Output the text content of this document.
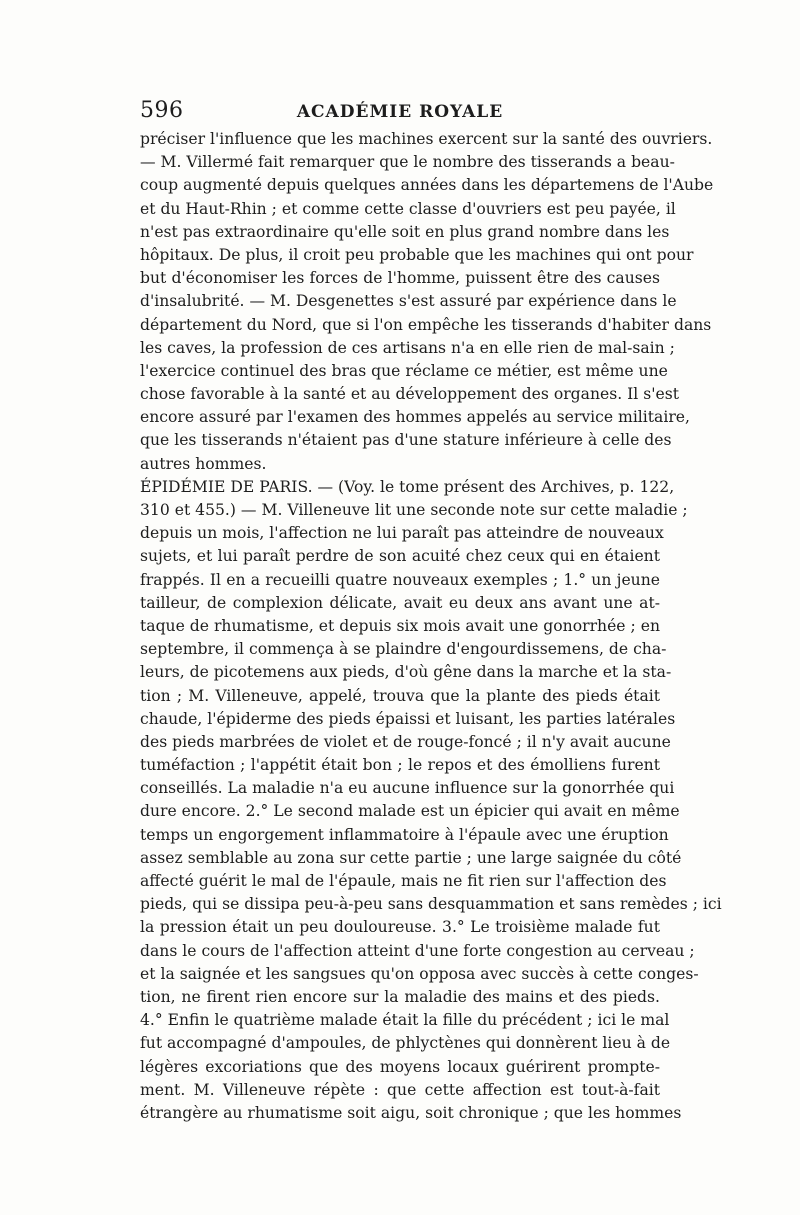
596	ACADÉMIE ROYALE
préciser l'influence que les machines exercent sur la santé des ouvriers.
— M. Villermé fait remarquer que le nombre des tisserands a beau-
coup augmenté depuis quelques années dans les départemens de l'Aube
et du Haut-Rhin ; et comme cette classe d'ouvriers est peu payée, il
n'est pas extraordinaire qu'elle soit en plus grand nombre dans les
hôpitaux. De plus, il croit peu probable que les machines qui ont pour
but d'économiser les forces de l'homme, puissent être des causes
d'insalubrité. — M. Desgenettes s'est assuré par expérience dans le
département du Nord, que si l'on empêche les tisserands d'habiter dans
les caves, la profession de ces artisans n'a en elle rien de mal-sain ;
l'exercice continuel des bras que réclame ce métier, est même une
chose favorable à la santé et au développement des organes. Il s'est
encore assuré par l'examen des hommes appelés au service militaire,
que les tisserands n'étaient pas d'une stature inférieure à celle des
autres hommes.
ÉPIDÉMIE DE PARIS. — (Voy. le tome présent des Archives, p. 122,
310 et 455.) — M. Villeneuve lit une seconde note sur cette maladie ;
depuis un mois, l'affection ne lui paraît pas atteindre de nouveaux
sujets, et lui paraît perdre de son acuité chez ceux qui en étaient
frappés. Il en a recueilli quatre nouveaux exemples ; 1.° un jeune
tailleur, de complexion délicate, avait eu deux ans avant une at-
taque de rhumatisme, et depuis six mois avait une gonorrhée ; en
septembre, il commença à se plaindre d'engourdissemens, de cha-
leurs, de picotemens aux pieds, d'où gêne dans la marche et la sta-
tion ; M. Villeneuve, appelé, trouva que la plante des pieds était
chaude, l'épiderme des pieds épaissi et luisant, les parties latérales
des pieds marbrées de violet et de rouge-foncé ; il n'y avait aucune
tuméfaction ; l'appétit était bon ; le repos et des émolliens furent
conseillés. La maladie n'a eu aucune influence sur la gonorrhée qui
dure encore. 2.° Le second malade est un épicier qui avait en même
temps un engorgement inflammatoire à l'épaule avec une éruption
assez semblable au zona sur cette partie ; une large saignée du côté
affecté guérit le mal de l'épaule, mais ne fit rien sur l'affection des
pieds, qui se dissipa peu-à-peu sans desquammation et sans remèdes ; ici
la pression était un peu douloureuse. 3.° Le troisième malade fut
dans le cours de l'affection atteint d'une forte congestion au cerveau ;
et la saignée et les sangsues qu'on opposa avec succès à cette conges-
tion, ne firent rien encore sur la maladie des mains et des pieds.
4.° Enfin le quatrième malade était la fille du précédent ; ici le mal
fut accompagné d'ampoules, de phlyctènes qui donnèrent lieu à de
légères excoriations que des moyens locaux guérirent prompte-
ment. M. Villeneuve répète : que cette affection est tout-à-fait
étrangère au rhumatisme soit aigu, soit chronique ; que les hommes
